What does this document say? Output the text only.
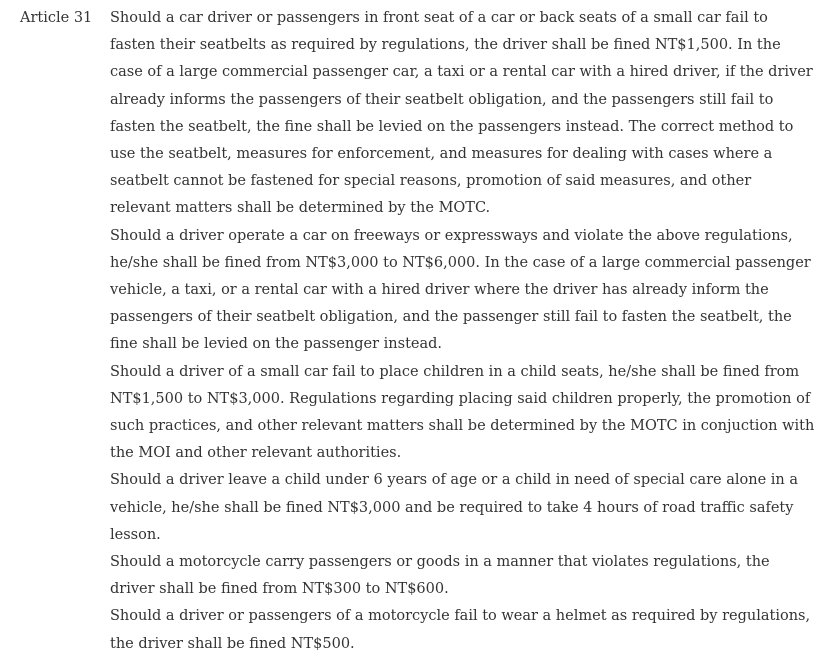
Article 31 Should a car driver or passengers in front seat of a car or back seats of a small car fail to fasten their seatbelts as required by regulations, the driver shall be fined NT$1,500. In the case of a large commercial passenger car, a taxi or a rental car with a hired driver, if the driver already informs the passengers of their seatbelt obligation, and the passengers still fail to fasten the seatbelt, the fine shall be levied on the passengers instead. The correct method to use the seatbelt, measures for enforcement, and measures for dealing with cases where a seatbelt cannot be fastened for special reasons, promotion of said measures, and other relevant matters shall be determined by the MOTC.

Should a driver operate a car on freeways or expressways and violate the above regulations, he/she shall be fined from NT$3,000 to NT$6,000. In the case of a large commercial passenger vehicle, a taxi, or a rental car with a hired driver where the driver has already inform the passengers of their seatbelt obligation, and the passenger still fail to fasten the seatbelt, the fine shall be levied on the passenger instead.

Should a driver of a small car fail to place children in a child seats, he/she shall be fined from NT$1,500 to NT$3,000. Regulations regarding placing said children properly, the promotion of such practices, and other relevant matters shall be determined by the MOTC in conjuction with the MOI and other relevant authorities.

Should a driver leave a child under 6 years of age or a child in need of special care alone in a vehicle, he/she shall be fined NT$3,000 and be required to take 4 hours of road traffic safety lesson.

Should a motorcycle carry passengers or goods in a manner that violates regulations, the driver shall be fined from NT$300 to NT$600.

Should a driver or passengers of a motorcycle fail to wear a helmet as required by regulations, the driver shall be fined NT$500.
